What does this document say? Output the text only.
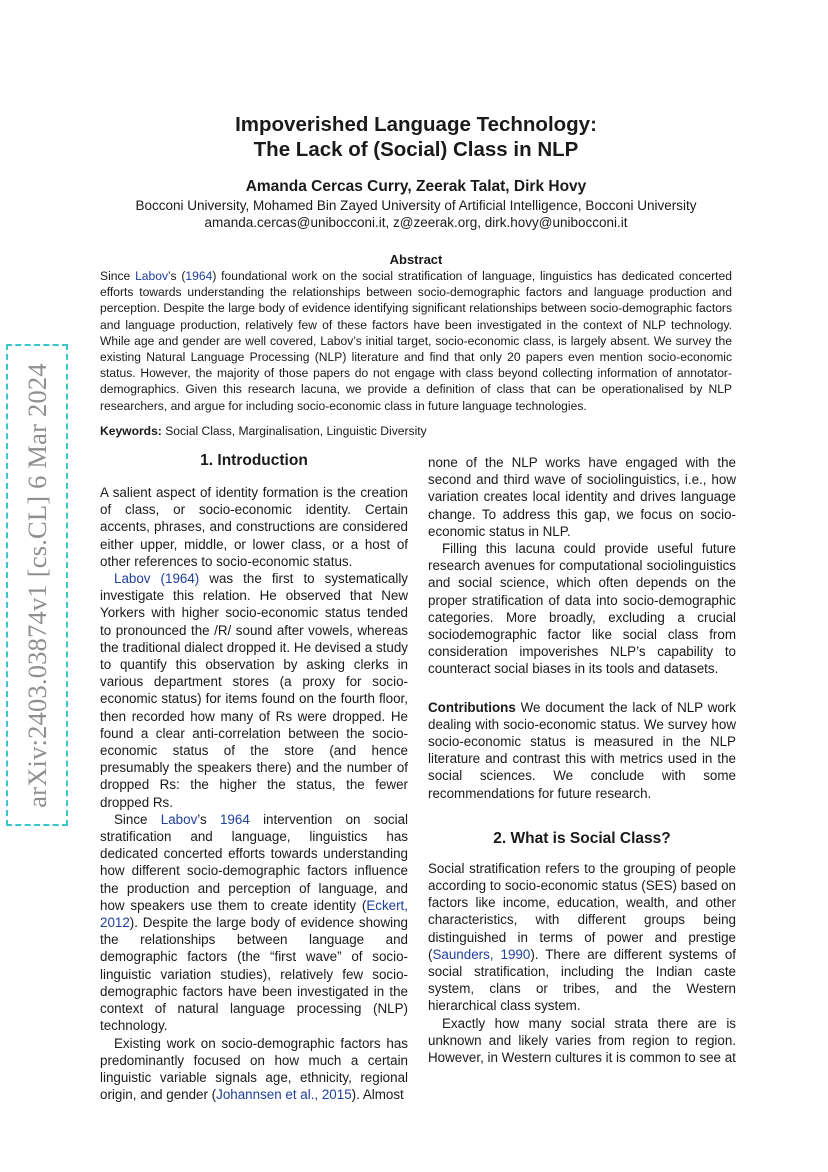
arXiv:2403.03874v1 [cs.CL] 6 Mar 2024
Impoverished Language Technology:
The Lack of (Social) Class in NLP
Amanda Cercas Curry, Zeerak Talat, Dirk Hovy
Bocconi University, Mohamed Bin Zayed University of Artificial Intelligence, Bocconi University
amanda.cercas@unibocconi.it, z@zeerak.org, dirk.hovy@unibocconi.it
Abstract

Since Labov’s (1964) foundational work on the social stratification of language, linguistics has dedicated concerted efforts towards understanding the relationships between socio-demographic factors and language production and perception. Despite the large body of evidence identifying significant relationships between socio-demographic factors and language production, relatively few of these factors have been investigated in the context of NLP technology. While age and gender are well covered, Labov’s initial target, socio-economic class, is largely absent. We survey the existing Natural Language Processing (NLP) literature and find that only 20 papers even mention socio-economic status. However, the majority of those papers do not engage with class beyond collecting information of annotator-demographics. Given this research lacuna, we provide a definition of class that can be operationalised by NLP researchers, and argue for including socio-economic class in future language technologies.

Keywords: Social Class, Marginalisation, Linguistic Diversity
1. Introduction

A salient aspect of identity formation is the creation of class, or socio-economic identity. Certain accents, phrases, and constructions are considered either upper, middle, or lower class, or a host of other references to socio-economic status.

Labov (1964) was the first to systematically investigate this relation. He observed that New Yorkers with higher socio-economic status tended to pronounced the /R/ sound after vowels, whereas the traditional dialect dropped it. He devised a study to quantify this observation by asking clerks in various department stores (a proxy for socio-economic status) for items found on the fourth floor, then recorded how many of Rs were dropped. He found a clear anti-correlation between the socio-economic status of the store (and hence presumably the speakers there) and the number of dropped Rs: the higher the status, the fewer dropped Rs.

Since Labov’s 1964 intervention on social stratification and language, linguistics has dedicated concerted efforts towards understanding how different socio-demographic factors influence the production and perception of language, and how speakers use them to create identity (Eckert, 2012). Despite the large body of evidence showing the relationships between language and demographic factors (the “first wave” of socio-linguistic variation studies), relatively few socio-demographic factors have been investigated in the context of natural language processing (NLP) technology.

Existing work on socio-demographic factors has predominantly focused on how much a certain linguistic variable signals age, ethnicity, regional origin, and gender (Johannsen et al., 2015). Almost

none of the NLP works have engaged with the second and third wave of sociolinguistics, i.e., how variation creates local identity and drives language change. To address this gap, we focus on socio-economic status in NLP.

Filling this lacuna could provide useful future research avenues for computational sociolinguistics and social science, which often depends on the proper stratification of data into socio-demographic categories. More broadly, excluding a crucial sociodemographic factor like social class from consideration impoverishes NLP’s capability to counteract social biases in its tools and datasets.

Contributions We document the lack of NLP work dealing with socio-economic status. We survey how socio-economic status is measured in the NLP literature and contrast this with metrics used in the social sciences. We conclude with some recommendations for future research.

2. What is Social Class?

Social stratification refers to the grouping of people according to socio-economic status (SES) based on factors like income, education, wealth, and other characteristics, with different groups being distinguished in terms of power and prestige (Saunders, 1990). There are different systems of social stratification, including the Indian caste system, clans or tribes, and the Western hierarchical class system.

Exactly how many social strata there are is unknown and likely varies from region to region. However, in Western cultures it is common to see at
